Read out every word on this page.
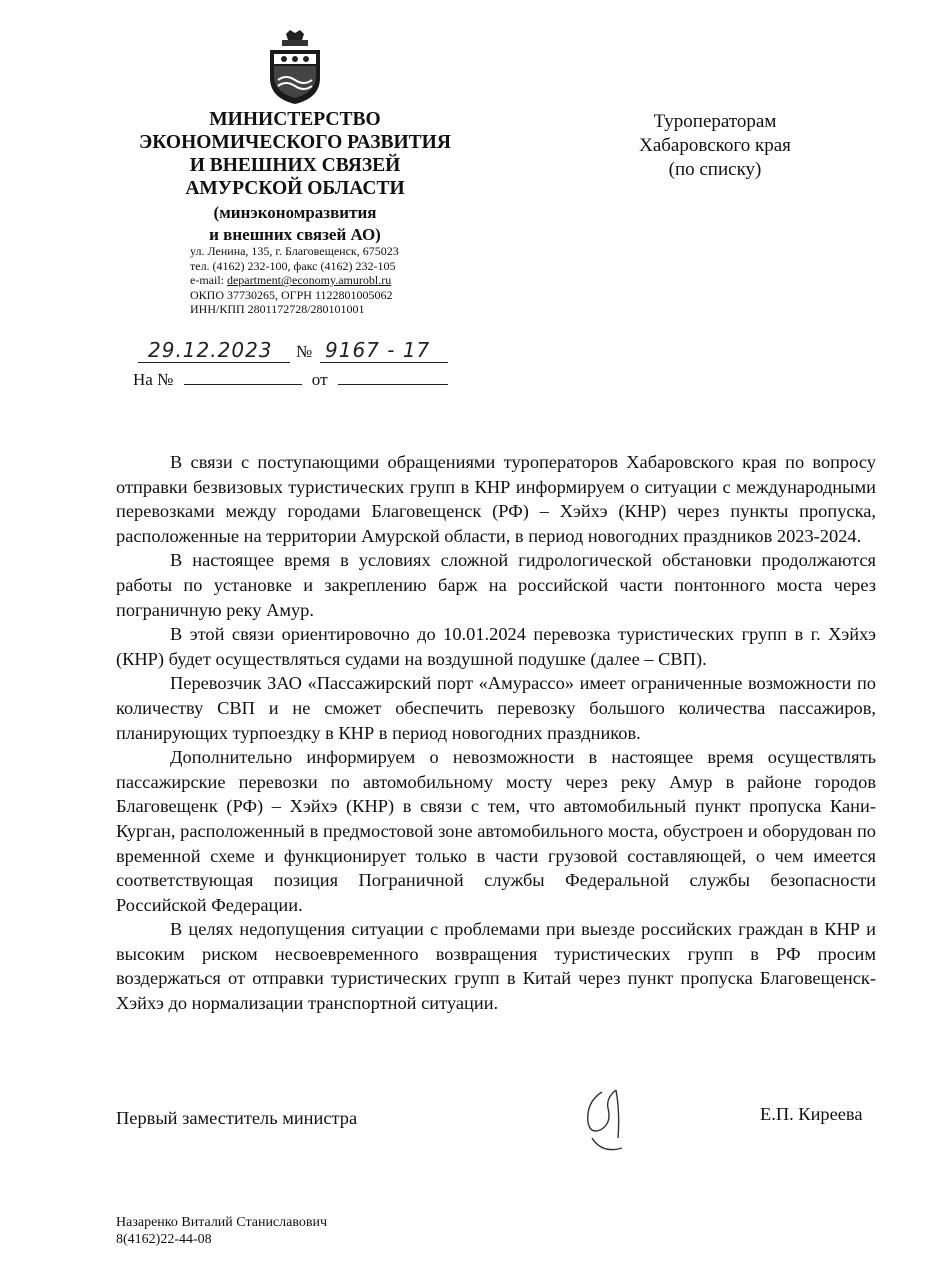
МИНИСТЕРСТВО
ЭКОНОМИЧЕСКОГО РАЗВИТИЯ
И ВНЕШНИХ СВЯЗЕЙ
АМУРСКОЙ ОБЛАСТИ
(минэкономразвития
и внешних связей АО)
ул. Ленина, 135, г. Благовещенск, 675023
тел. (4162) 232-100, факс (4162) 232-105
e-mail: department@economy.amurobl.ru
ОКПО 37730265, ОГРН 1122801005062
ИНН/КПП 2801172728/280101001
29.12.2023 № 9167 - 17
На №	от
Туроператорам
Хабаровского края
(по списку)

В связи с поступающими обращениями туроператоров Хабаровского края по вопросу отправки безвизовых туристических групп в КНР информируем о ситуации с международными перевозками между городами Благовещенск (РФ) – Хэйхэ (КНР) через пункты пропуска, расположенные на территории Амурской области, в период новогодних праздников 2023-2024.

В настоящее время в условиях сложной гидрологической обстановки продолжаются работы по установке и закреплению барж на российской части понтонного моста через пограничную реку Амур.

В этой связи ориентировочно до 10.01.2024 перевозка туристических групп в г. Хэйхэ (КНР) будет осуществляться судами на воздушной подушке (далее – СВП).

Перевозчик ЗАО «Пассажирский порт «Амурассо» имеет ограниченные возможности по количеству СВП и не сможет обеспечить перевозку большого количества пассажиров, планирующих турпоездку в КНР в период новогодних праздников.

Дополнительно информируем о невозможности в настоящее время осуществлять пассажирские перевозки по автомобильному мосту через реку Амур в районе городов Благовещенк (РФ) – Хэйхэ (КНР) в связи с тем, что автомобильный пункт пропуска Кани-Курган, расположенный в предмостовой зоне автомобильного моста, обустроен и оборудован по временной схеме и функционирует только в части грузовой составляющей, о чем имеется соответствующая позиция Пограничной службы Федеральной службы безопасности Российской Федерации.

В целях недопущения ситуации с проблемами при выезде российских граждан в КНР и высоким риском несвоевременного возвращения туристических групп в РФ просим воздержаться от отправки туристических групп в Китай через пункт пропуска Благовещенск-Хэйхэ до нормализации транспортной ситуации.

Первый заместитель министра	Е.П. Киреева
Назаренко Виталий Станиславович
8(4162)22-44-08
